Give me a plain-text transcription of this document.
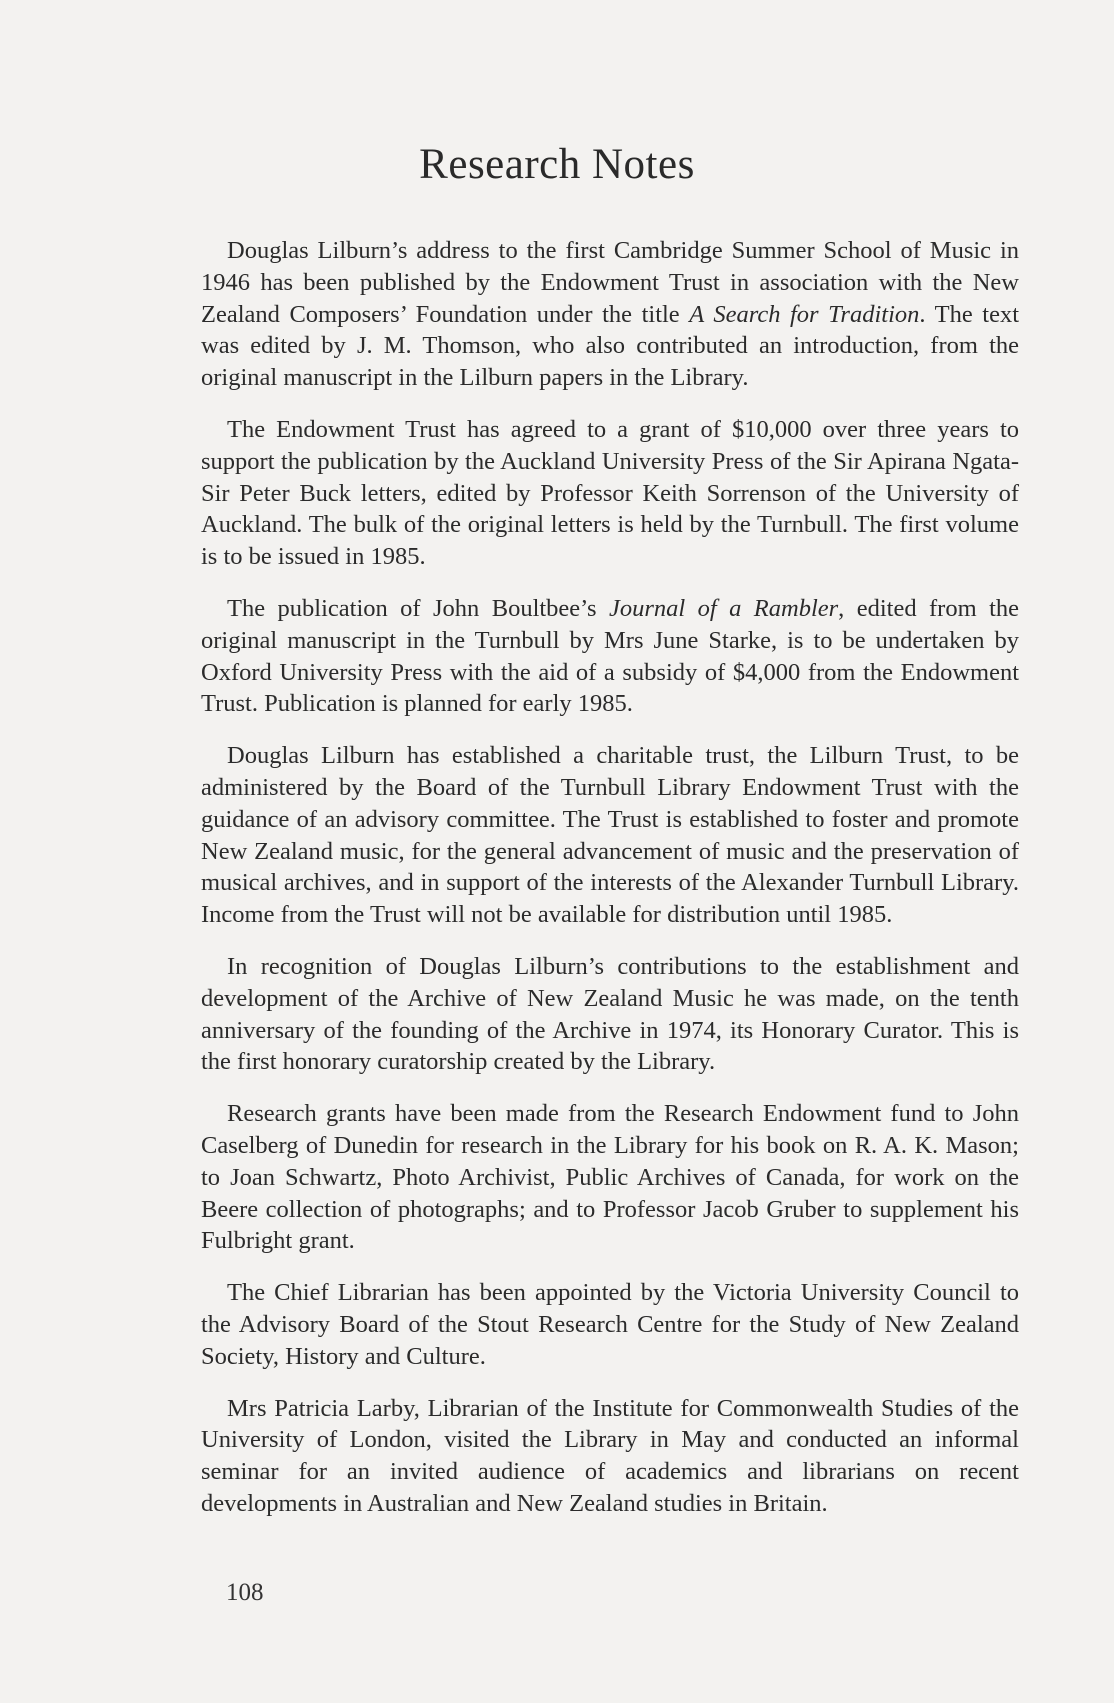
Research Notes

Douglas Lilburn’s address to the first Cambridge Summer School of Music in 1946 has been published by the Endowment Trust in association with the New Zealand Composers’ Foundation under the title A Search for Tradition. The text was edited by J. M. Thomson, who also contributed an introduction, from the original manuscript in the Lilburn papers in the Library.

The Endowment Trust has agreed to a grant of $10,000 over three years to support the publication by the Auckland University Press of the Sir Apirana Ngata-Sir Peter Buck letters, edited by Professor Keith Sorrenson of the University of Auckland. The bulk of the original letters is held by the Turnbull. The first volume is to be issued in 1985.

The publication of John Boultbee’s Journal of a Rambler, edited from the original manuscript in the Turnbull by Mrs June Starke, is to be undertaken by Oxford University Press with the aid of a subsidy of $4,000 from the Endowment Trust. Publication is planned for early 1985.

Douglas Lilburn has established a charitable trust, the Lilburn Trust, to be administered by the Board of the Turnbull Library Endowment Trust with the guidance of an advisory committee. The Trust is established to foster and promote New Zealand music, for the general advancement of music and the preservation of musical archives, and in support of the interests of the Alexander Turnbull Library. Income from the Trust will not be available for distribution until 1985.

In recognition of Douglas Lilburn’s contributions to the establishment and development of the Archive of New Zealand Music he was made, on the tenth anniversary of the founding of the Archive in 1974, its Honorary Curator. This is the first honorary curatorship created by the Library.

Research grants have been made from the Research Endowment fund to John Caselberg of Dunedin for research in the Library for his book on R. A. K. Mason; to Joan Schwartz, Photo Archivist, Public Archives of Canada, for work on the Beere collection of photographs; and to Professor Jacob Gruber to supplement his Fulbright grant.

The Chief Librarian has been appointed by the Victoria University Council to the Advisory Board of the Stout Research Centre for the Study of New Zealand Society, History and Culture.

Mrs Patricia Larby, Librarian of the Institute for Commonwealth Studies of the University of London, visited the Library in May and conducted an informal seminar for an invited audience of academics and librarians on recent developments in Australian and New Zealand studies in Britain.

108
